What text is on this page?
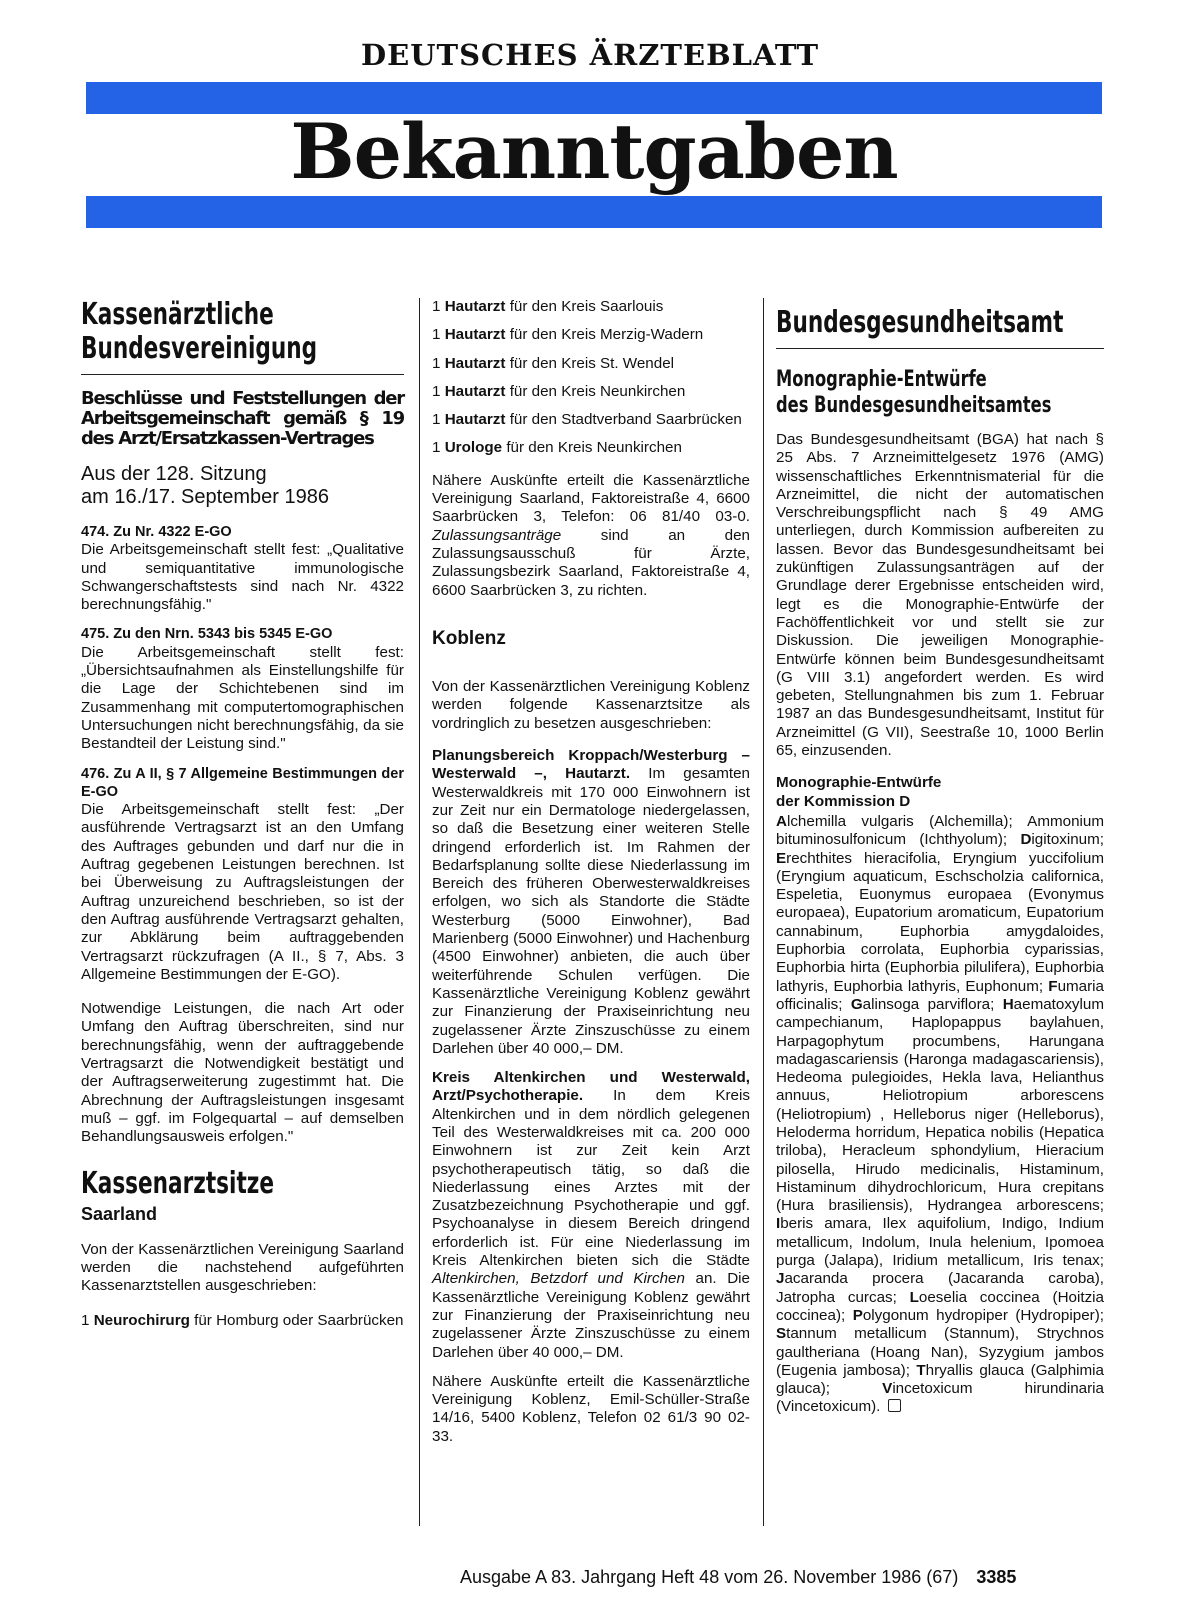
DEUTSCHES ÄRZTEBLATT
Bekanntgaben
Kassenärztliche
Bundesvereinigung
Beschlüsse und Feststellungen der Arbeitsgemeinschaft gemäß § 19 des Arzt/Ersatzkassen-Vertrages
Aus der 128. Sitzung
am 16./17. September 1986
474. Zu Nr. 4322 E-GO
Die Arbeitsgemeinschaft stellt fest: „Qualitative und semiquantitative immunologische Schwangerschaftstests sind nach Nr. 4322 berechnungsfähig."
475. Zu den Nrn. 5343 bis 5345 E-GO
Die Arbeitsgemeinschaft stellt fest: „Übersichtsaufnahmen als Einstellungshilfe für die Lage der Schichtebenen sind im Zusammenhang mit computertomographischen Untersuchungen nicht berechnungsfähig, da sie Bestandteil der Leistung sind."
476. Zu A II, § 7 Allgemeine Bestimmungen der E-GO
Die Arbeitsgemeinschaft stellt fest: „Der ausführende Vertragsarzt ist an den Umfang des Auftrages gebunden und darf nur die in Auftrag gegebenen Leistungen berechnen. Ist bei Überweisung zu Auftragsleistungen der Auftrag unzureichend beschrieben, so ist der den Auftrag ausführende Vertragsarzt gehalten, zur Abklärung beim auftraggebenden Vertragsarzt rückzufragen (A II., § 7, Abs. 3 Allgemeine Bestimmungen der E-GO).
Notwendige Leistungen, die nach Art oder Umfang den Auftrag überschreiten, sind nur berechnungsfähig, wenn der auftraggebende Vertragsarzt die Notwendigkeit bestätigt und der Auftragserweiterung zugestimmt hat. Die Abrechnung der Auftragsleistungen insgesamt muß – ggf. im Folgequartal – auf demselben Behandlungsausweis erfolgen."
Kassenarztsitze
Saarland
Von der Kassenärztlichen Vereinigung Saarland werden die nachstehend aufgeführten Kassenarztstellen ausgeschrieben:
1 Neurochirurg für Homburg oder Saarbrücken
1 Hautarzt für den Kreis Saarlouis
1 Hautarzt für den Kreis Merzig-Wadern
1 Hautarzt für den Kreis St. Wendel
1 Hautarzt für den Kreis Neunkirchen
1 Hautarzt für den Stadtverband Saarbrücken
1 Urologe für den Kreis Neunkirchen
Nähere Auskünfte erteilt die Kassenärztliche Vereinigung Saarland, Faktoreistraße 4, 6600 Saarbrücken 3, Telefon: 06 81/40 03-0. Zulassungsanträge	sind an den Zulassungsausschuß für Ärzte, Zulassungsbezirk Saarland, Faktoreistraße 4, 6600 Saarbrücken 3, zu richten.
Koblenz
Von der Kassenärztlichen Vereinigung Koblenz werden folgende Kassenarztsitze als vordringlich zu besetzen ausgeschrieben:
Planungsbereich Kroppach/Westerburg – Westerwald –, Hautarzt. Im gesamten Westerwaldkreis mit 170 000 Einwohnern ist zur Zeit nur ein Dermatologe niedergelassen, so daß die Besetzung einer weiteren Stelle dringend erforderlich ist. Im Rahmen der Bedarfsplanung sollte diese Niederlassung im Bereich des früheren Oberwesterwaldkreises erfolgen, wo sich als Standorte die Städte Westerburg (5000 Einwohner), Bad Marienberg (5000 Einwohner) und Hachenburg (4500 Einwohner) anbieten, die auch über weiterführende Schulen verfügen. Die Kassenärztliche Vereinigung Koblenz gewährt zur Finanzierung der Praxiseinrichtung neu zugelassener Ärzte Zinszuschüsse zu einem Darlehen über 40 000,– DM.
Kreis Altenkirchen und Westerwald, Arzt/Psychotherapie. In dem Kreis Altenkirchen und in dem nördlich gelegenen Teil des Westerwaldkreises mit ca. 200 000 Einwohnern ist zur Zeit kein Arzt psychotherapeutisch tätig, so daß die Niederlassung eines Arztes mit der Zusatzbezeichnung Psychotherapie und ggf. Psychoanalyse in diesem Bereich dringend erforderlich ist. Für eine Niederlassung im Kreis Altenkirchen bieten sich die Städte Altenkirchen, Betzdorf und Kirchen an. Die Kassenärztliche Vereinigung Koblenz gewährt zur Finanzierung der Praxiseinrichtung neu zugelassener Ärzte Zinszuschüsse zu einem Darlehen über 40 000,– DM.
Nähere Auskünfte erteilt die Kassenärztliche Vereinigung Koblenz, Emil-Schüller-Straße 14/16, 5400 Koblenz, Telefon 02 61/3 90 02-33.
Bundesgesundheitsamt
Monographie-Entwürfe
des Bundesgesundheitsamtes
Das Bundesgesundheitsamt (BGA) hat nach § 25 Abs. 7 Arzneimittelgesetz 1976 (AMG) wissenschaftliches Erkenntnismaterial für die Arzneimittel, die nicht der automatischen Verschreibungspflicht nach § 49 AMG unterliegen, durch Kommission aufbereiten zu lassen. Bevor das Bundesgesundheitsamt bei zukünftigen Zulassungsanträgen auf der Grundlage derer Ergebnisse entscheiden wird, legt es die Monographie-Entwürfe der Fachöffentlichkeit vor und stellt sie zur Diskussion. Die jeweiligen Monographie-Entwürfe können beim Bundesgesundheitsamt (G VIII 3.1) angefordert werden. Es wird gebeten, Stellungnahmen bis zum 1. Februar 1987 an das Bundesgesundheitsamt, Institut für Arzneimittel (G VII), Seestraße 10, 1000 Berlin 65, einzusenden.
Monographie-Entwürfe
der Kommission D
Alchemilla vulgaris (Alchemilla); Ammonium bituminosulfonicum (Ichthyolum); Digitoxinum; Erechthites hieracifolia, Eryngium yuccifolium (Eryngium aquaticum, Eschscholzia californica, Espeletia, Euonymus europaea (Evonymus europaea), Eupatorium aromaticum, Eupatorium cannabinum, Euphorbia amygdaloides, Euphorbia corrolata, Euphorbia cyparissias, Euphorbia hirta (Euphorbia pilulifera), Euphorbia lathyris, Euphorbia lathyris, Euphonum; Fumaria officinalis; Galinsoga parviflora; Haematoxylum campechianum, Haplopappus baylahuen, Harpagophytum procumbens, Harungana madagascariensis (Haronga madagascariensis), Hedeoma pulegioides, Hekla lava, Helianthus annuus, Heliotropium arborescens (Heliotropium) , Helleborus niger (Helleborus), Heloderma horridum, Hepatica nobilis (Hepatica triloba), Heracleum sphondylium, Hieracium pilosella, Hirudo medicinalis, Histaminum, Histaminum dihydrochloricum, Hura crepitans (Hura brasiliensis), Hydrangea arborescens; Iberis amara, Ilex aquifolium, Indigo, Indium metallicum, Indolum, Inula helenium, Ipomoea purga (Jalapa), Iridium metallicum, Iris tenax; Jacaranda procera (Jacaranda caroba), Jatropha curcas; Loeselia coccinea (Hoitzia coccinea); Polygonum hydropiper (Hydropiper); Stannum metallicum (Stannum), Strychnos gaultheriana (Hoang Nan), Syzygium jambos (Eugenia jambosa); Thryallis glauca (Galphimia glauca); Vincetoxicum hirundinaria (Vincetoxicum).
Ausgabe A 83. Jahrgang Heft 48 vom 26. November 1986 (67) 3385
